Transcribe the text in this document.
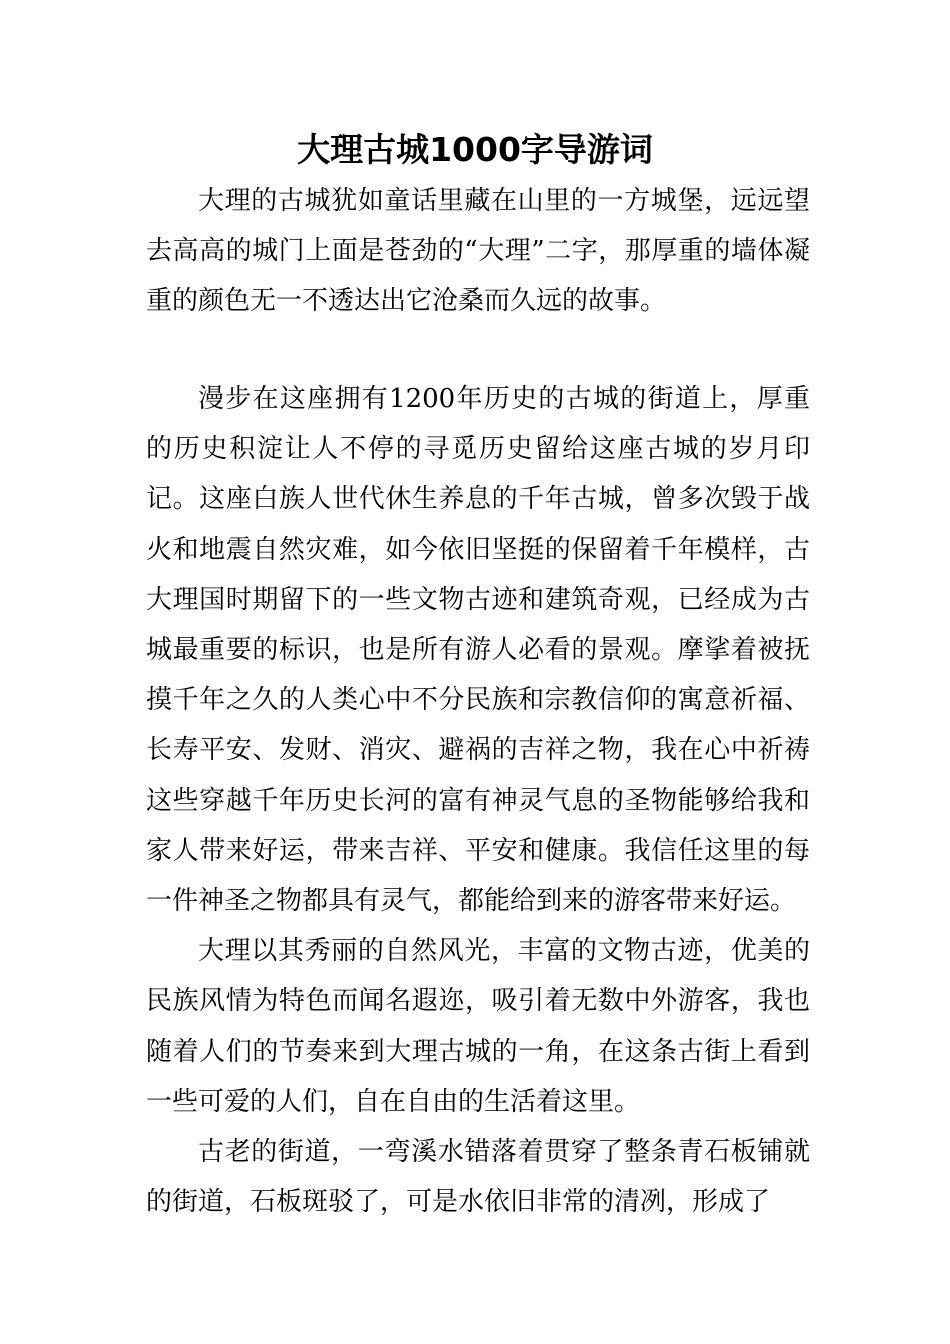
大理古城1000字导游词

大理的古城犹如童话里藏在山里的一方城堡，远远望去高高的城门上面是苍劲的“大理”二字，那厚重的墙体凝重的颜色无一不透达出它沧桑而久远的故事。

漫步在这座拥有1200年历史的古城的街道上，厚重的历史积淀让人不停的寻觅历史留给这座古城的岁月印记。这座白族人世代休生养息的千年古城，曾多次毁于战火和地震自然灾难，如今依旧坚挺的保留着千年模样，古大理国时期留下的一些文物古迹和建筑奇观，已经成为古城最重要的标识，也是所有游人必看的景观。摩挲着被抚摸千年之久的人类心中不分民族和宗教信仰的寓意祈福、长寿平安、发财、消灾、避祸的吉祥之物，我在心中祈祷这些穿越千年历史长河的富有神灵气息的圣物能够给我和家人带来好运，带来吉祥、平安和健康。我信任这里的每一件神圣之物都具有灵气，都能给到来的游客带来好运。

大理以其秀丽的自然风光，丰富的文物古迹，优美的民族风情为特色而闻名遐迩，吸引着无数中外游客，我也随着人们的节奏来到大理古城的一角，在这条古街上看到一些可爱的人们，自在自由的生活着这里。

古老的街道，一弯溪水错落着贯穿了整条青石板铺就的街道，石板斑驳了，可是水依旧非常的清冽，形成了
